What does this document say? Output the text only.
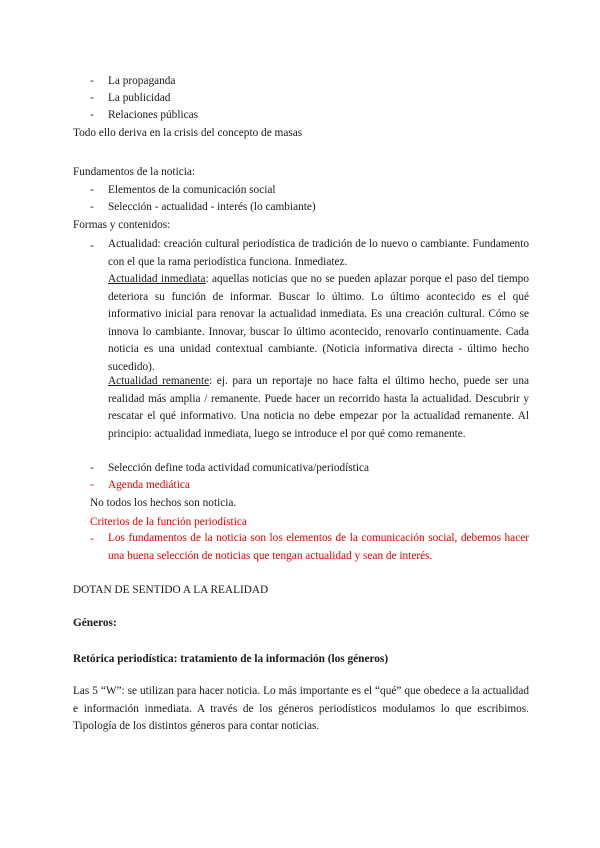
- La propaganda
- La publicidad
- Relaciones públicas
Todo ello deriva en la crisis del concepto de masas
Fundamentos de la noticia:
- Elementos de la comunicación social
- Selección - actualidad - interés (lo cambiante)
Formas y contenidos:
- Actualidad: creación cultural periodística de tradición de lo nuevo o cambiante. Fundamento con el que la rama periodística funciona. Inmediatez.
Actualidad inmediata: aquellas noticias que no se pueden aplazar porque el paso del tiempo deteriora su función de informar. Buscar lo último. Lo último acontecido es el qué informativo inicial para renovar la actualidad inmediata. Es una creación cultural. Cómo se innova lo cambiante. Innovar, buscar lo último acontecido, renovarlo continuamente. Cada noticia es una unidad contextual cambiante. (Noticia informativa directa - último hecho sucedido).
Actualidad remanente: ej. para un reportaje no hace falta el último hecho, puede ser una realidad más amplia / remanente. Puede hacer un recorrido hasta la actualidad. Descubrir y rescatar el qué informativo. Una noticia no debe empezar por la actualidad remanente. Al principio: actualidad inmediata, luego se introduce el por qué como remanente.
- Selección define toda actividad comunicativa/periodística
- Agenda mediática
No todos los hechos son noticia.
Criterios de la función periodística
- Los fundamentos de la noticia son los elementos de la comunicación social, debemos hacer una buena selección de noticias que tengan actualidad y sean de interés.
DOTAN DE SENTIDO A LA REALIDAD
Géneros:
Retórica periodística: tratamiento de la información (los géneros)
Las 5 “W”: se utilizan para hacer noticia. Lo más importante es el “qué” que obedece a la actualidad e información inmediata. A través de los géneros periodísticos modulamos lo que escribimos. Tipología de los distintos géneros para contar noticias.
